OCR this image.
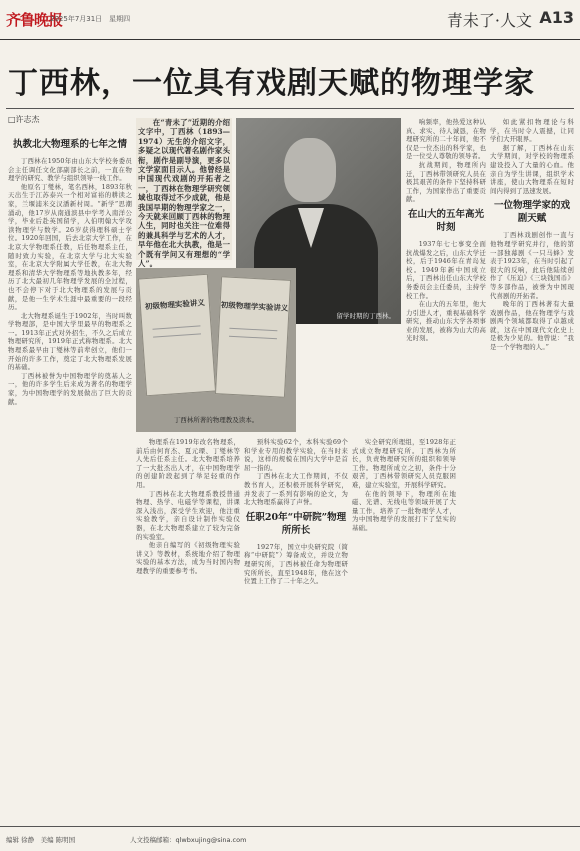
齐鲁晚报
2025年7月31日　星期四	青未了·人文 A13
丁西林，一位具有戏剧天赋的物理学家
□许志杰
执教北大物理系的七年之情

丁西林在1950年由山东大学校务委员会主任调任文化部副部长之前，一直在物理学的研究、教学与组织领导一线工作。

他原名丁燮林，笔名西林，1893年秋天出生于江苏泰兴一个相对富裕的耕读之家，兰堰浦米交汉潘新村周。“新学”思潮涌动，他17岁从南通滨县中学考入南洋公学，毕业后赴英国留学，入伯明翰大学攻读物理学与数学。26岁获得理科硕士学位。1920年回国，后去北京大学工作，在北京大学物理系任教，后任物理系主任，随时致力实验，在北京大学与北大实验室，在北京大学附属大学任教，在北大物理系和清华大学物理系等地执教多年，经历了北大最初几年物理学发展的全过程，也不会停下对于北大物理系的发展与贡献，是他一生学术生涯中最重要的一段经历。

北大物理系诞生于1902年，当时叫数学物理部，是中国大学里最早的物理系之一。1913年正式对外招生，不久之后成立物理研究所，1919年正式称物理系。北大物理系最早由丁燮林等前辈创立，他们一开始的许多工作，奠定了北大物理系发展的基础。

丁西林被誉为中国物理学的奠基人之一，他的许多学生后来成为著名的物理学家，为中国物理学的发展做出了巨大的贡献。

在“青未了”近期的介绍文字中，丁西林（1893—1974）无生的介绍文字，多疑之以现代著名剧作家头衔，剧作是副导演，更多以文学家面目示人。他曾经是中国现代戏剧的开拓者之一，丁西林在物理学研究领域也取得过不少成就，他是我国早期的物理学家之一，今天就来回顾丁西林的物理人生，同时也关注一位难得的兼具科学与艺术的人才，早年他在北大执教，他是一个既有学问又有理想的“学人”。

留学时期的丁西林。
初级物理实验讲义	初级物理学实验讲义
丁西林所著的物理教及读本。

物理系在1919年改名物理系，前后由何育杰、夏元瑮、丁燮林等人先后任系主任。北大物理系培养了一大批杰出人才，在中国物理学的创建阶段起到了举足轻重的作用。

丁西林在北大物理系教授普通物理、热学、电磁学等课程，讲课深入浅出，深受学生欢迎，他注重实验教学，亲自设计制作实验仪器，在北大物理系建立了较为完备的实验室。

他亲自编写的《初级物理实验讲义》等教材，系统地介绍了物理实验的基本方法，成为当时国内物理教学的重要参考书。

预科实验62个，本科实验69个和学业专用的教学实验，在当时来说，这样的规模在国内大学中是首屈一指的。

丁西林在北大工作期间，不仅教书育人，还积极开展科学研究，并发表了一系列有影响的论文，为北大物理系赢得了声誉。

任职20年“中研院”物理所所长

1927年，国立中央研究院（简称“中研院”）筹备成立，并设立物理研究所，丁西林被任命为物理研究所所长，直至1948年，他在这个位置上工作了二十年之久。

实全研究所理组，至1928年正式成立物理研究所。丁西林为所长，负责物理研究所的组织和领导工作。物理所成立之初，条件十分艰苦，丁西林带领研究人员克服困难，建立实验室，开展科学研究。

在他的领导下，物理所在地磁、光谱、无线电等领域开展了大量工作，培养了一批物理学人才，为中国物理学的发展打下了坚实的基础。

响频率，他热爱这种认真、求实、待人诚恳，在物理研究所的二十年间，他不仅是一位杰出的科学家，也是一位受人尊敬的领导者。

抗战期间，物理所内迁，丁西林带领研究人员在极其艰苦的条件下坚持科研工作，为国家作出了重要贡献。

在山大的五年高光时刻

1937年七七事变全面抗战爆发之后，山东大学迁校，后于1946年在青岛复校。1949年新中国成立后，丁西林出任山东大学校务委员会主任委员，主持学校工作。

在山大的五年里，他大力引进人才，重视基础科学研究，推动山东大学各项事业的发展，被称为山大的高光时刻。

如此紧扣物理论与科学，在当时令人震撼，让同学们大开眼界。

据了解，丁西林在山东大学期间，对学校的物理系建设投入了大量的心血。他亲自为学生讲课，组织学术讲座，使山大物理系在短时间内得到了迅速发展。

一位物理学家的戏剧天赋

丁西林戏剧创作一直与他物理学研究并行，他的第一部独幕剧《一只马蜂》发表于1923年，在当时引起了很大的反响，此后他陆续创作了《压迫》《三块钱国币》等多部作品，被誉为中国现代喜剧的开拓者。

晚年的丁西林著有大量戏剧作品，他在物理学与戏剧两个领域都取得了卓越成就，这在中国现代文化史上是极为少见的。他曾说：“我是一个学物理的人。”

编辑 徐静　美编 陈明国	人文投稿邮箱：qlwbxujing@sina.com
